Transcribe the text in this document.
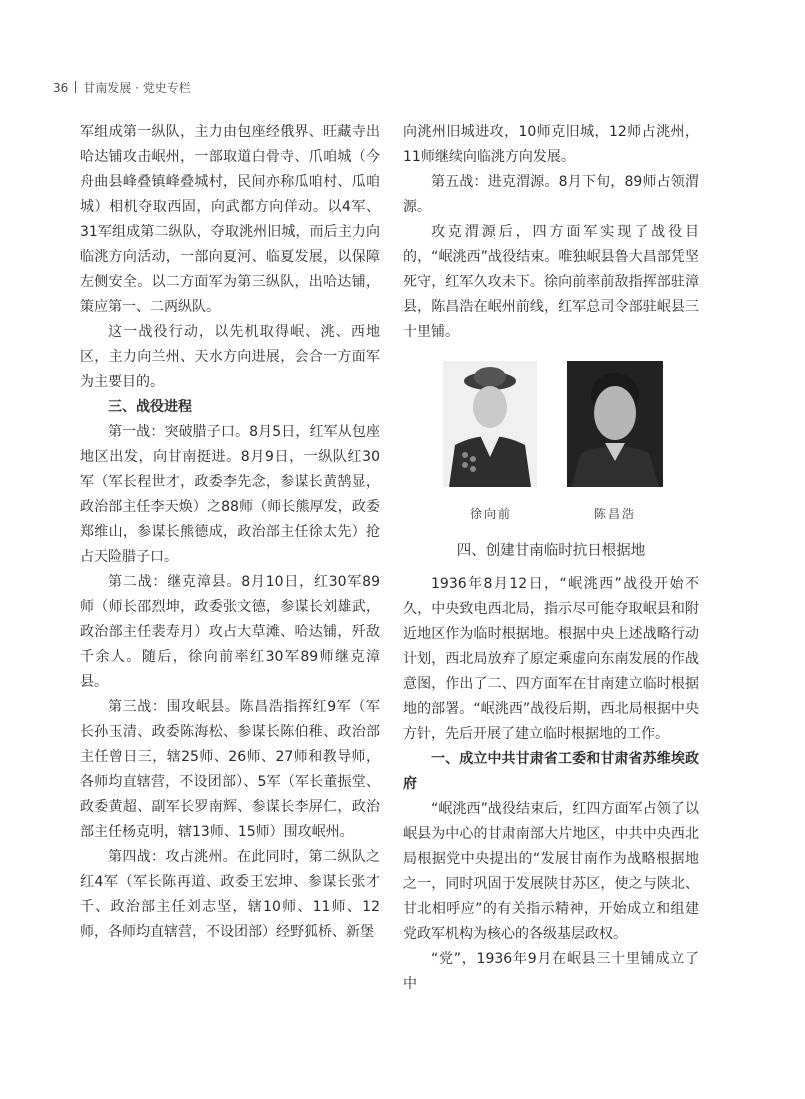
36 甘南发展 · 党史专栏

军组成第一纵队，主力由包座经俄界、旺藏寺出哈达铺攻击岷州，一部取道白骨寺、爪咱城（今舟曲县峰叠镇峰叠城村，民间亦称瓜咱村、瓜咱城）相机夺取西固，向武都方向佯动。以4军、31军组成第二纵队，夺取洮州旧城，而后主力向临洮方向活动，一部向夏河、临夏发展，以保障左侧安全。以二方面军为第三纵队，出哈达铺，策应第一、二两纵队。

这一战役行动，以先机取得岷、洮、西地区，主力向兰州、天水方向进展，会合一方面军为主要目的。

三、战役进程

第一战：突破腊子口。8月5日，红军从包座地区出发，向甘南挺进。8月9日，一纵队红30军（军长程世才，政委李先念，参谋长黄鹄显，政治部主任李天焕）之88师（师长熊厚发，政委郑维山，参谋长熊德成，政治部主任徐太先）抢占天险腊子口。

第二战：继克漳县。8月10日，红30军89师（师长邵烈坤，政委张文德，参谋长刘雄武，政治部主任裴寿月）攻占大草滩、哈达铺，歼敌千余人。随后，徐向前率红30军89师继克漳县。

第三战：围攻岷县。陈昌浩指挥红9军（军长孙玉清、政委陈海松、参谋长陈伯稚、政治部主任曾日三，辖25师、26师、27师和教导师，各师均直辖营，不设团部）、5军（军长董振堂、政委黄超、副军长罗南辉、参谋长李屏仁，政治部主任杨克明，辖13师、15师）围攻岷州。

第四战：攻占洮州。在此同时，第二纵队之红4军（军长陈再道、政委王宏坤、参谋长张才千、政治部主任刘志坚，辖10师、11师、12师，各师均直辖营，不设团部）经野狐桥、新堡

向洮州旧城进攻，10师克旧城，12师占洮州，11师继续向临洮方向发展。

第五战：进克渭源。8月下旬，89师占领渭源。

攻克渭源后，四方面军实现了战役目的，“岷洮西”战役结束。唯独岷县鲁大昌部凭坚死守，红军久攻未下。徐向前率前敌指挥部驻漳县，陈昌浩在岷州前线，红军总司令部驻岷县三十里铺。

徐向前	陈昌浩

四、创建甘南临时抗日根据地

1936年8月12日，“岷洮西”战役开始不久，中央致电西北局，指示尽可能夺取岷县和附近地区作为临时根据地。根据中央上述战略行动计划，西北局放弃了原定乘虚向东南发展的作战意图，作出了二、四方面军在甘南建立临时根据地的部署。“岷洮西”战役后期，西北局根据中央方针，先后开展了建立临时根据地的工作。

一、成立中共甘肃省工委和甘肃省苏维埃政府

“岷洮西”战役结束后，红四方面军占领了以岷县为中心的甘肃南部大片地区，中共中央西北局根据党中央提出的“发展甘南作为战略根据地之一，同时巩固于发展陕甘苏区，使之与陕北、甘北相呼应”的有关指示精神，开始成立和组建党政军机构为核心的各级基层政权。

“党”，1936年9月在岷县三十里铺成立了中
